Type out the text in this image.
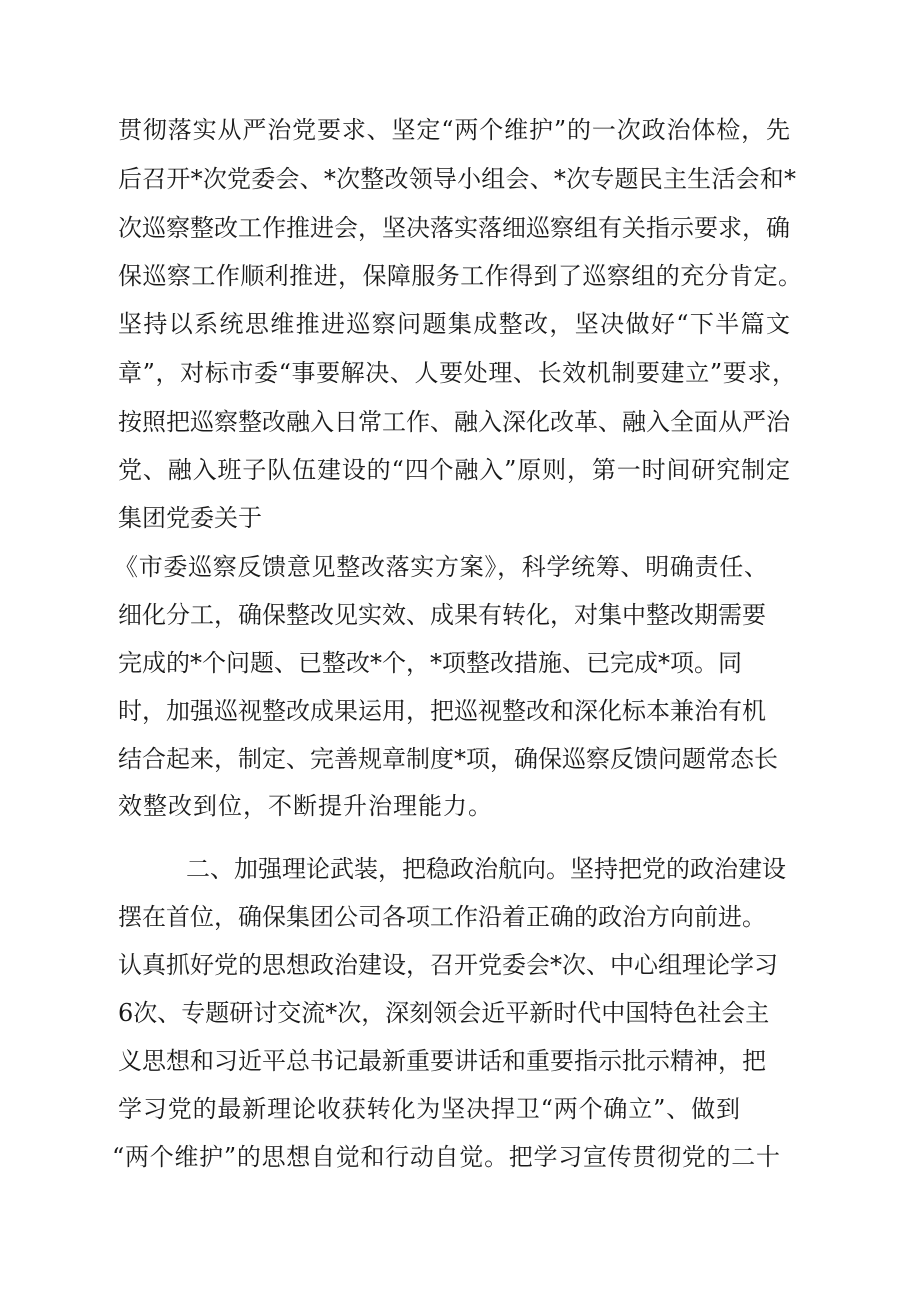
贯彻落实从严治党要求、坚定“两个维护”的一次政治体检，先
后召开*次党委会、*次整改领导小组会、*次专题民主生活会和*
次巡察整改工作推进会，坚决落实落细巡察组有关指示要求，确
保巡察工作顺利推进，保障服务工作得到了巡察组的充分肯定。
坚持以系统思维推进巡察问题集成整改，坚决做好“下半篇文
章”，对标市委“事要解决、人要处理、长效机制要建立”要求，
按照把巡察整改融入日常工作、融入深化改革、融入全面从严治
党、融入班子队伍建设的“四个融入”原则，第一时间研究制定
集团党委关于
《市委巡察反馈意见整改落实方案》，科学统筹、明确责任、
细化分工，确保整改见实效、成果有转化，对集中整改期需要
完成的*个问题、已整改*个，*项整改措施、已完成*项。同
时，加强巡视整改成果运用，把巡视整改和深化标本兼治有机
结合起来，制定、完善规章制度*项，确保巡察反馈问题常态长
效整改到位，不断提升治理能力。
二、加强理论武装，把稳政治航向。坚持把党的政治建设
摆在首位，确保集团公司各项工作沿着正确的政治方向前进。
认真抓好党的思想政治建设，召开党委会*次、中心组理论学习
6次、专题研讨交流*次，深刻领会近平新时代中国特色社会主
义思想和习近平总书记最新重要讲话和重要指示批示精神，把
学习党的最新理论收获转化为坚决捍卫“两个确立”、做到
“两个维护”的思想自觉和行动自觉。把学习宣传贯彻党的二十
